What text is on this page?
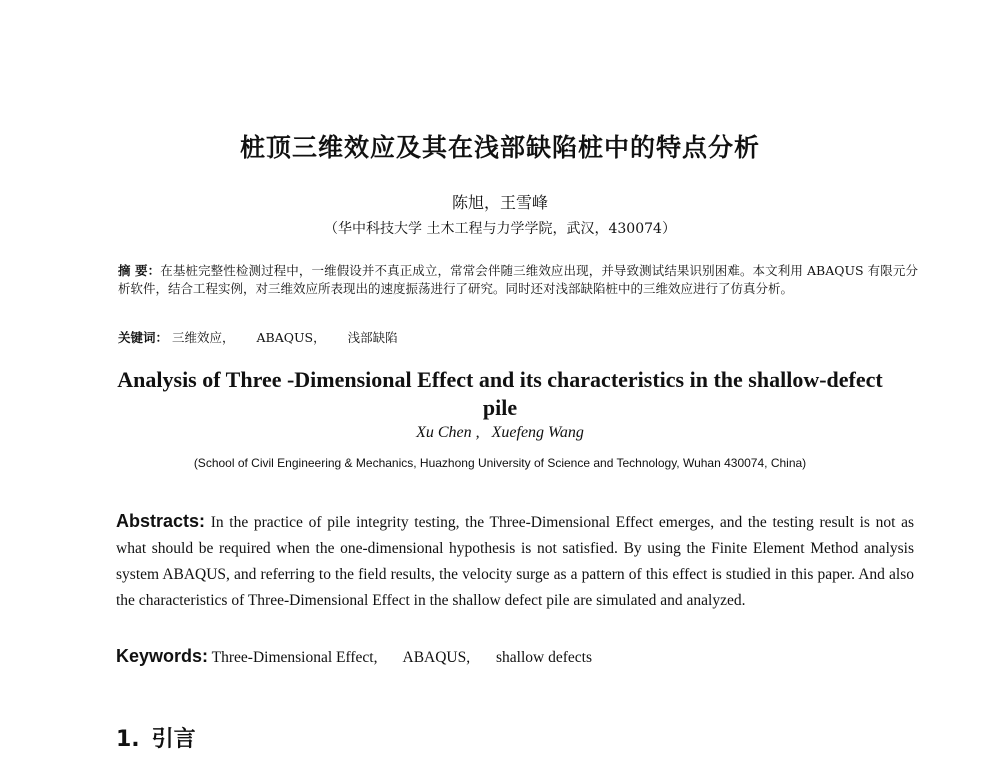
桩顶三维效应及其在浅部缺陷桩中的特点分析
陈旭，王雪峰
（华中科技大学 土木工程与力学学院，武汉，430074）
摘 要：在基桩完整性检测过程中，一维假设并不真正成立，常常会伴随三维效应出现，并导致测试结果识别困难。本文利用 ABAQUS 有限元分析软件，结合工程实例，对三维效应所表现出的速度振荡进行了研究。同时还对浅部缺陷桩中的三维效应进行了仿真分析。
关键词： 三维效应， ABAQUS， 浅部缺陷
Analysis of Three -Dimensional Effect and its characteristics in the shallow-defect pile
Xu Chen , Xuefeng Wang
(School of Civil Engineering & Mechanics, Huazhong University of Science and Technology, Wuhan 430074, China)
Abstracts: In the practice of pile integrity testing, the Three-Dimensional Effect emerges, and the testing result is not as what should be required when the one-dimensional hypothesis is not satisfied. By using the Finite Element Method analysis system ABAQUS, and referring to the field results, the velocity surge as a pattern of this effect is studied in this paper. And also the characteristics of Three-Dimensional Effect in the shallow defect pile are simulated and analyzed.
Keywords: Three-Dimensional Effect, ABAQUS, shallow defects
1. 引言
